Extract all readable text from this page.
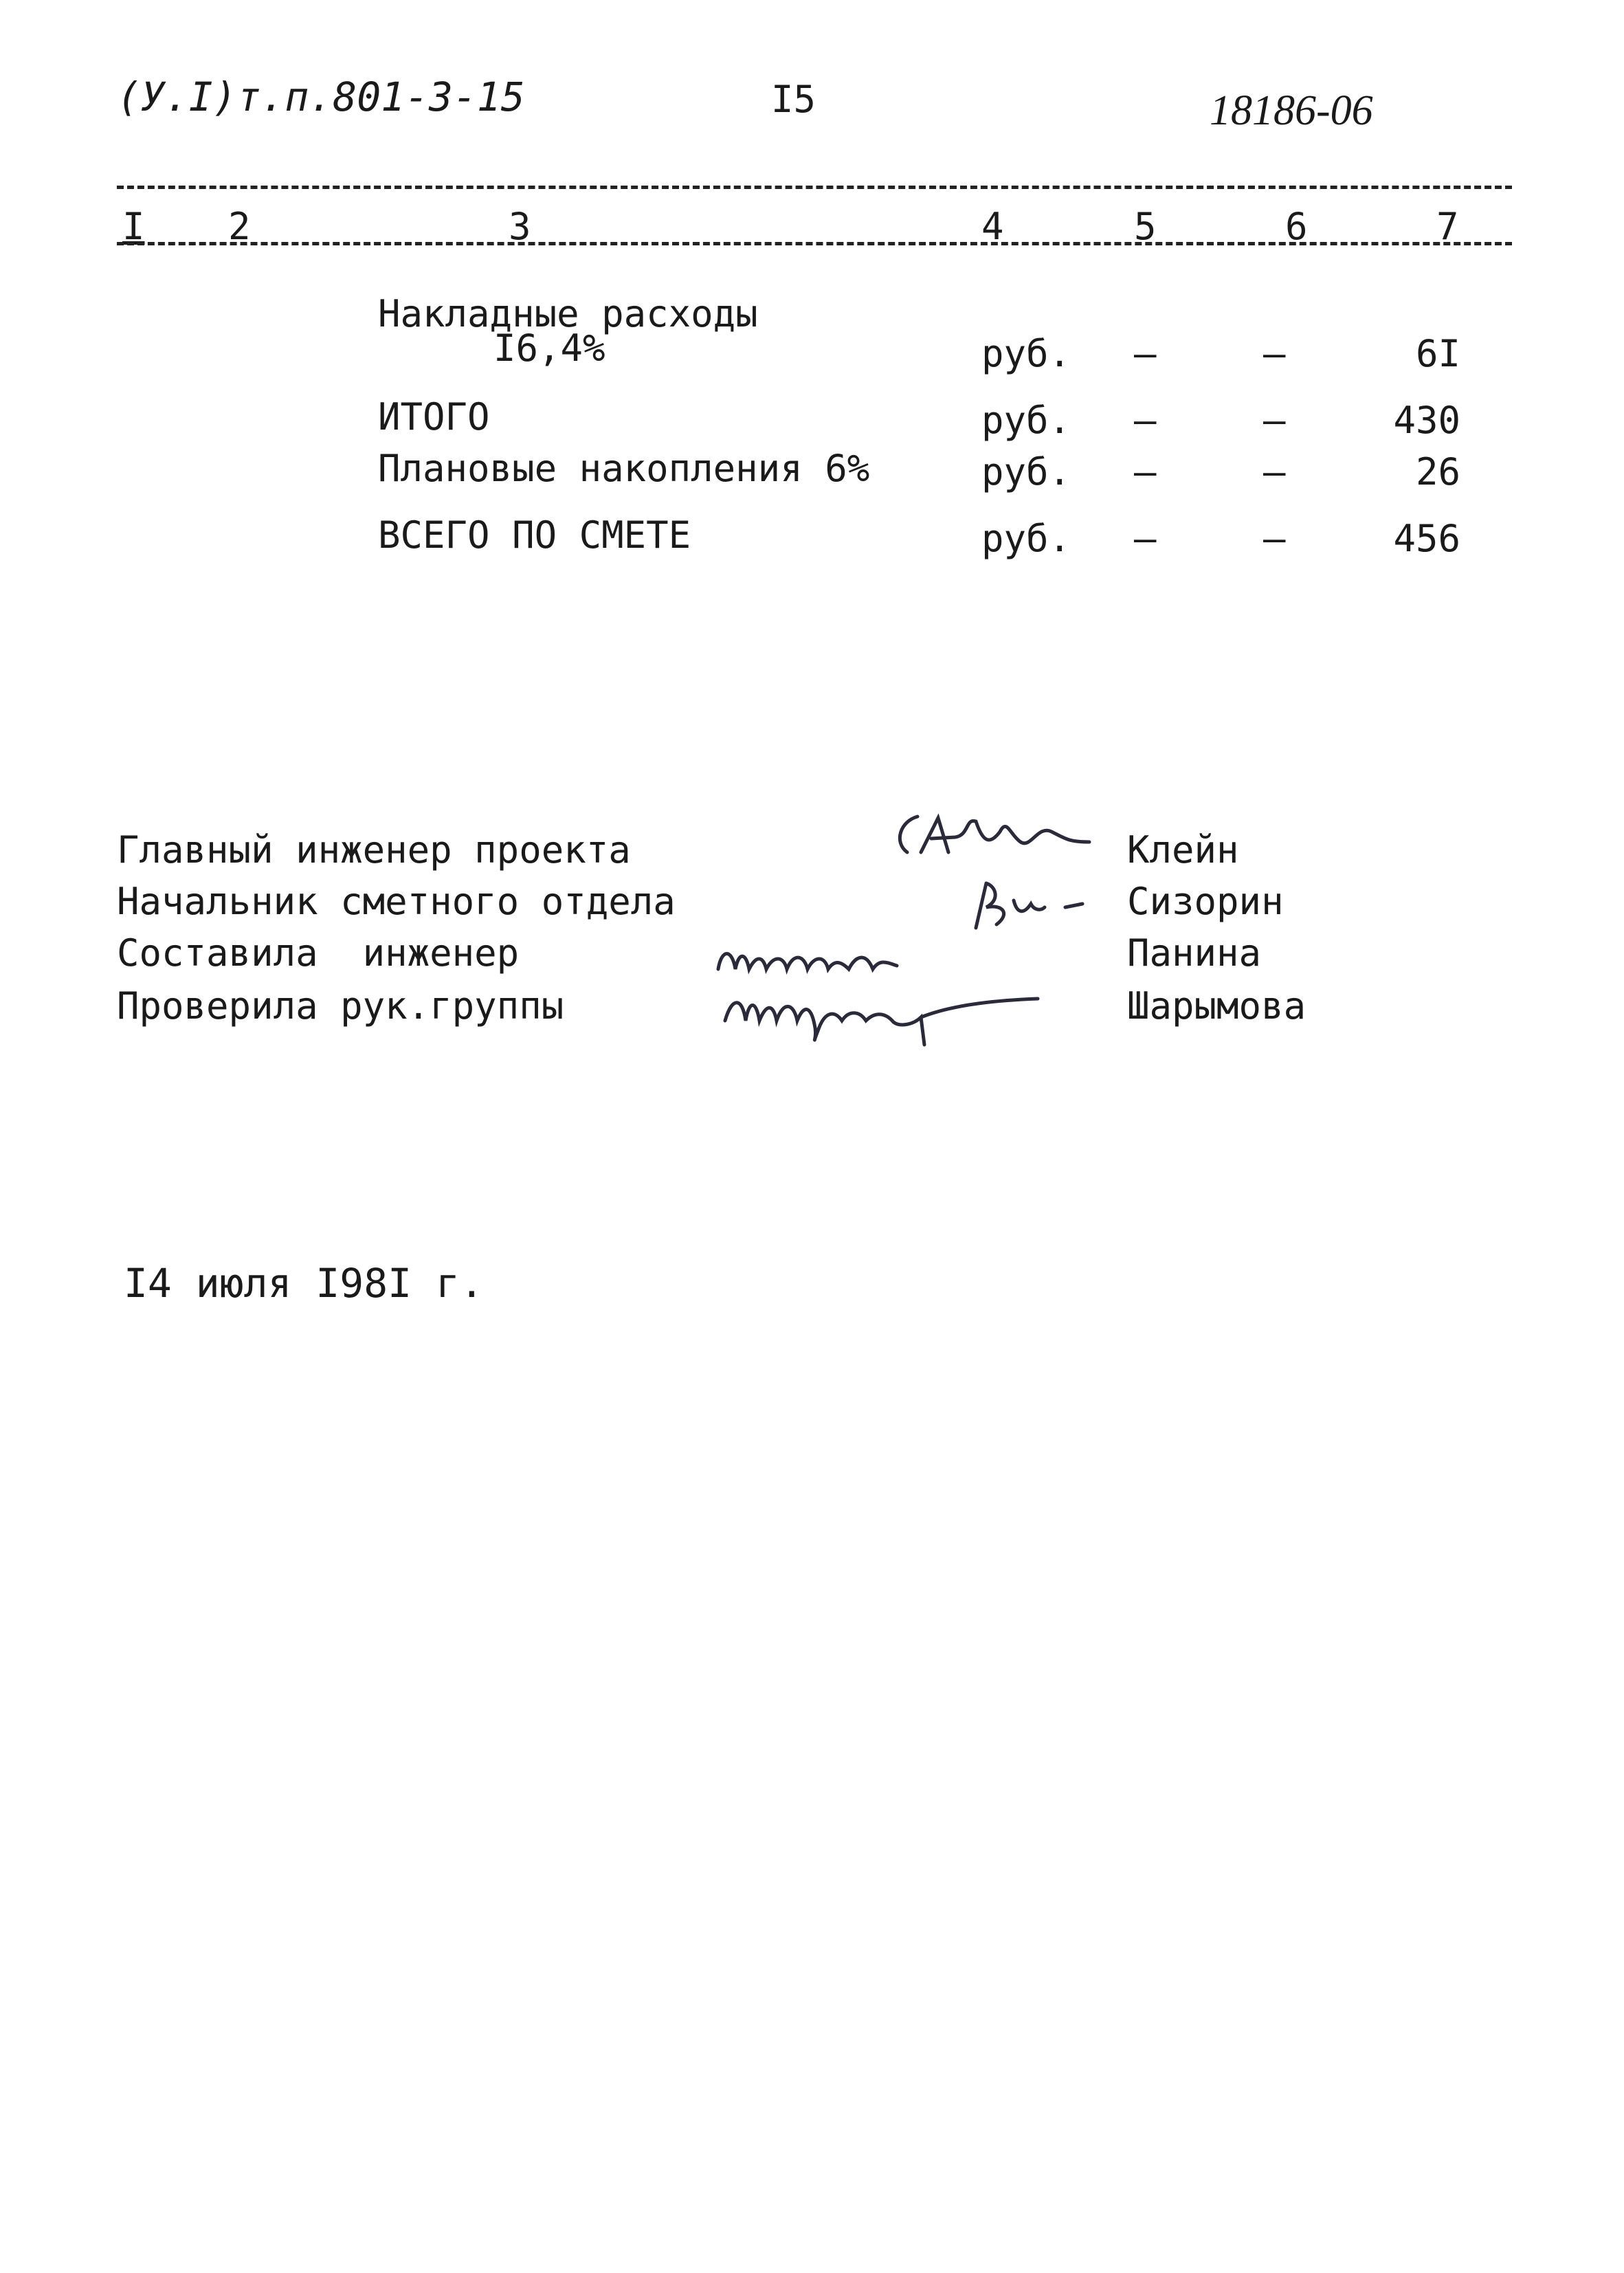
(У.I)т.п.801-3-15	I5	18186-06
I 2	3	4	5	6	7
Накладные расходы
I6,4%	руб. –	–	6I
ИТОГО	руб. –	–	430
Плановые накопления 6%	руб. –	–	26
ВСЕГО ПО СМЕТЕ	руб. –	–	456
Главный инженер проекта	Клейн
Начальник сметного отдела	Сизорин
Составила  инженер	Панина
Проверила рук.группы	Шарымова
I4 июля I98I г.
